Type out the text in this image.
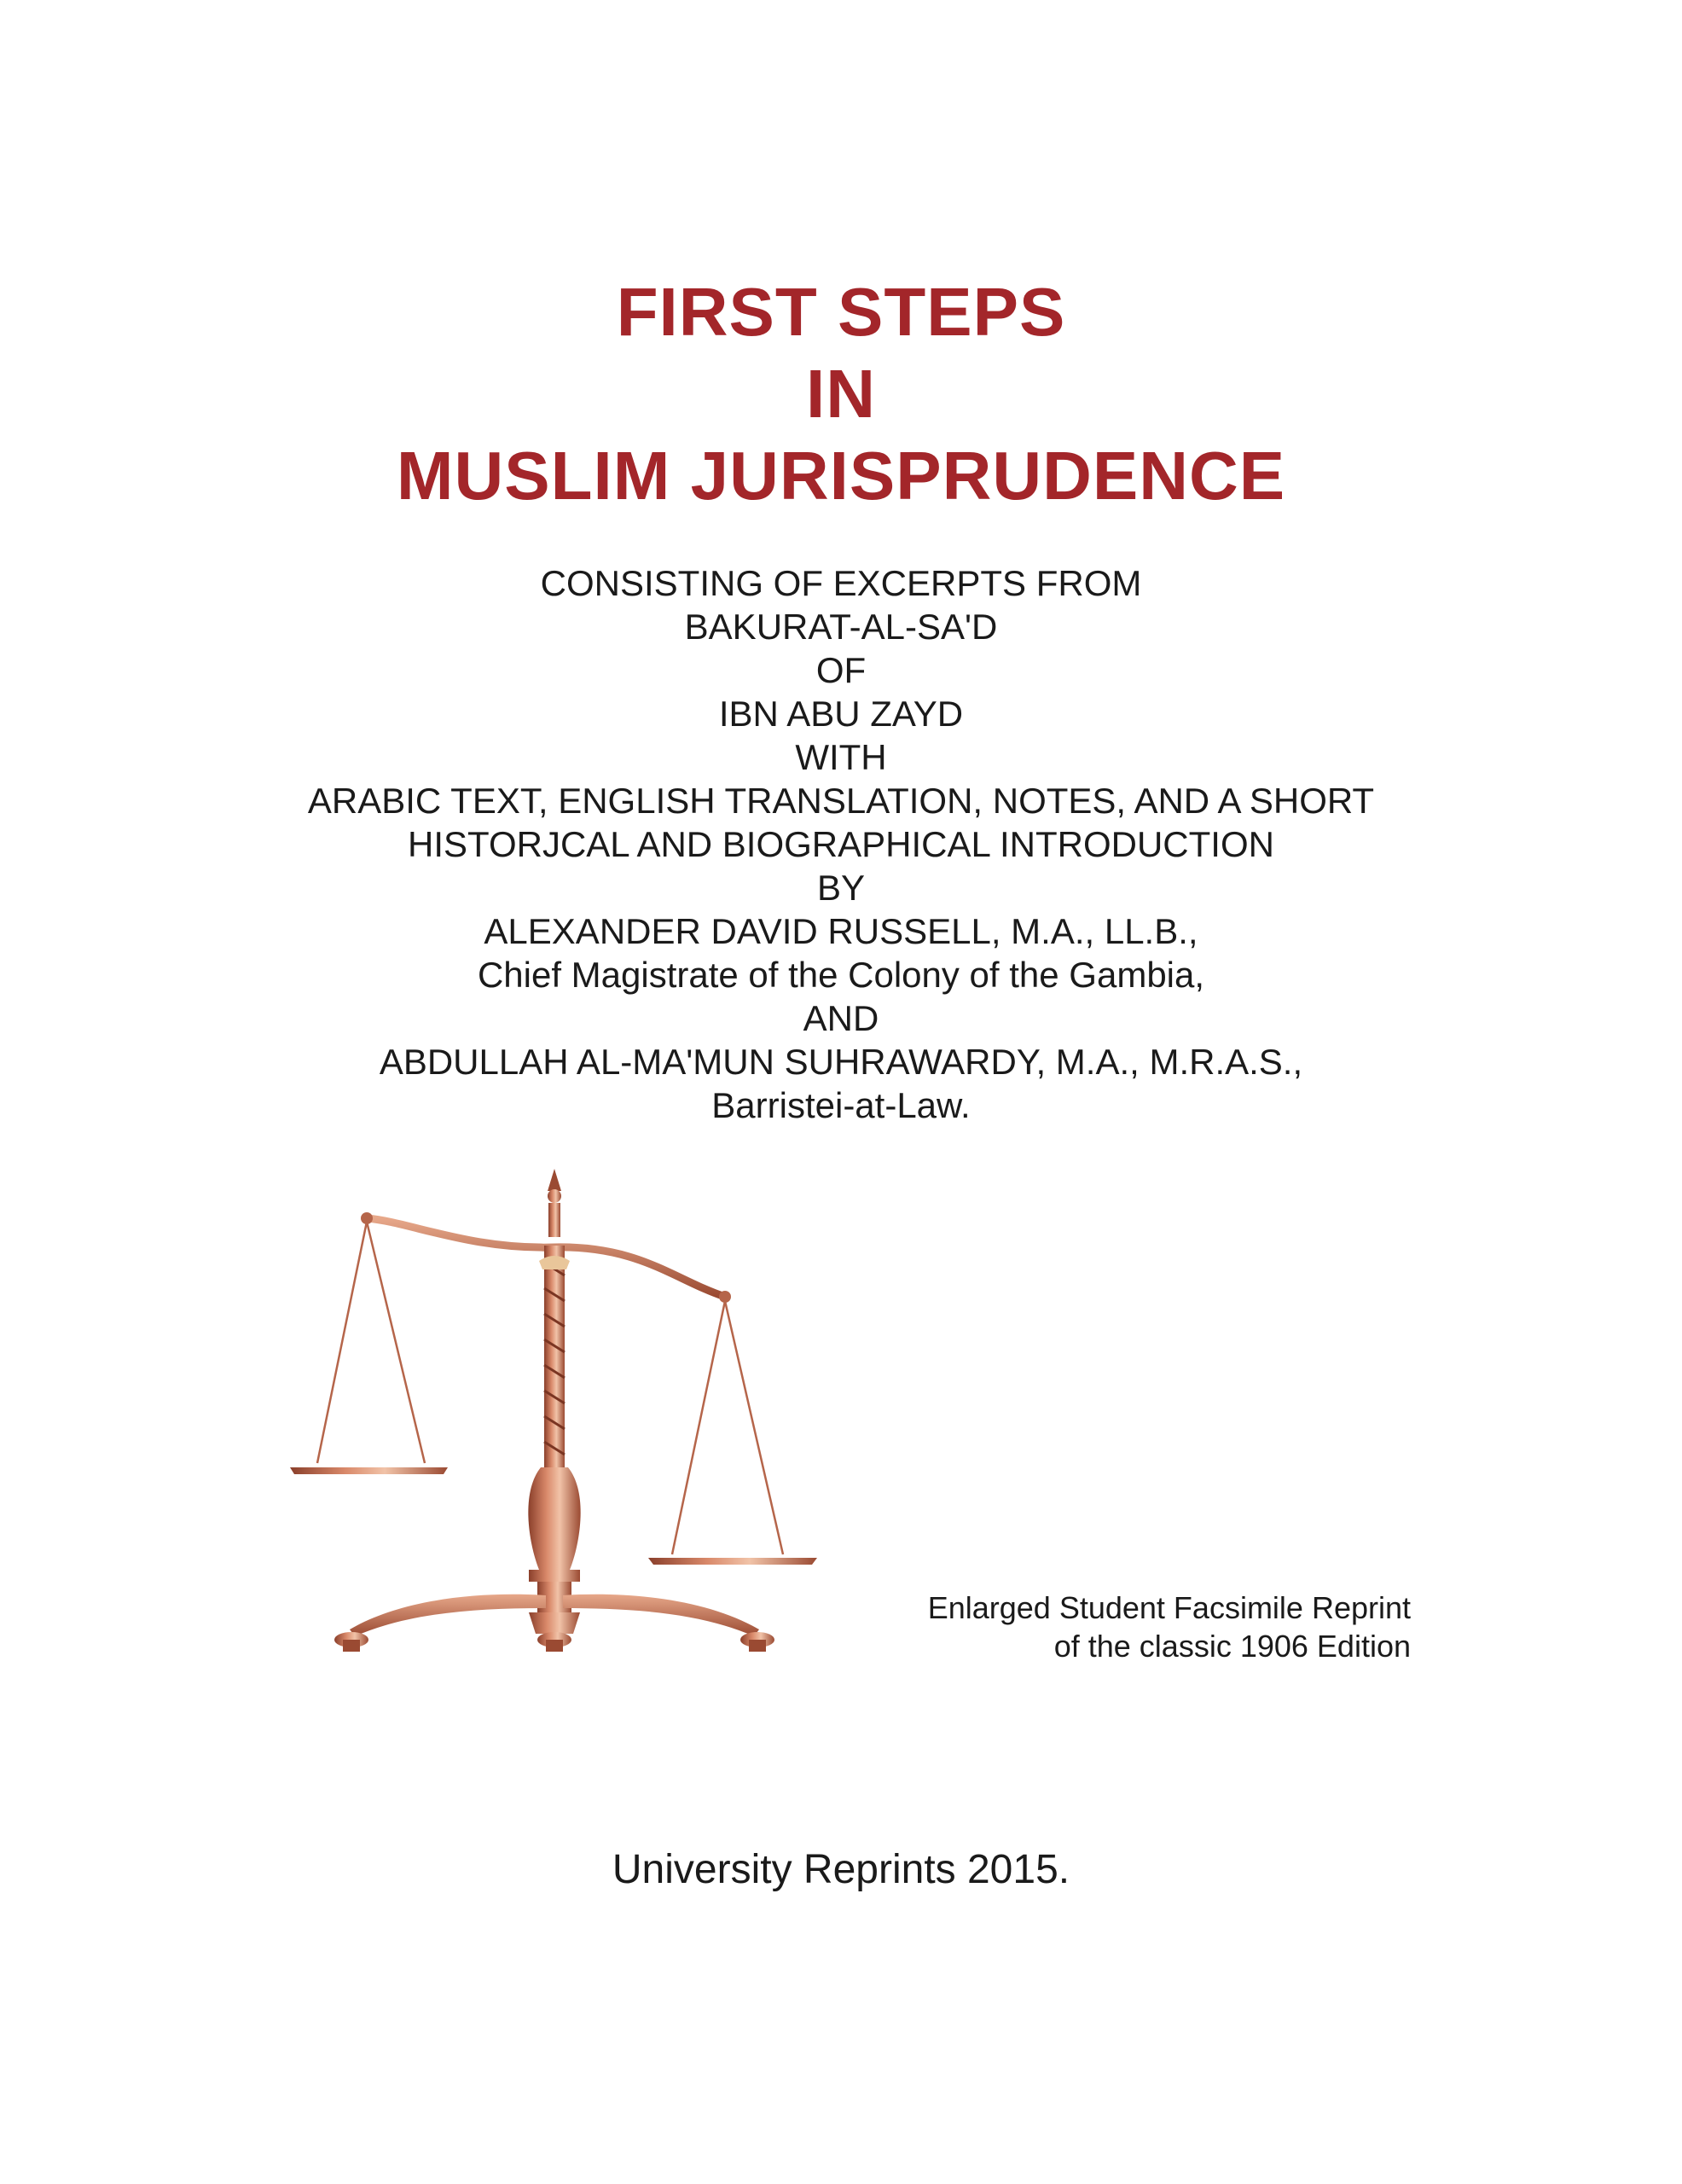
FIRST STEPS
IN
MUSLIM JURISPRUDENCE
CONSISTING OF EXCERPTS FROM
BAKURAT-AL-SA'D
OF
IBN ABU ZAYD
WITH
ARABIC TEXT, ENGLISH TRANSLATION, NOTES, AND A SHORT
HISTORJCAL AND BIOGRAPHICAL INTRODUCTION
BY
ALEXANDER DAVID RUSSELL, M.A., LL.B.,
Chief Magistrate of the Colony of the Gambia,
AND
ABDULLAH AL-MA'MUN SUHRAWARDY, M.A., M.R.A.S.,
Barristei-at-Law.
Enlarged Student Facsimile Reprint
of the classic 1906 Edition
University Reprints 2015.
